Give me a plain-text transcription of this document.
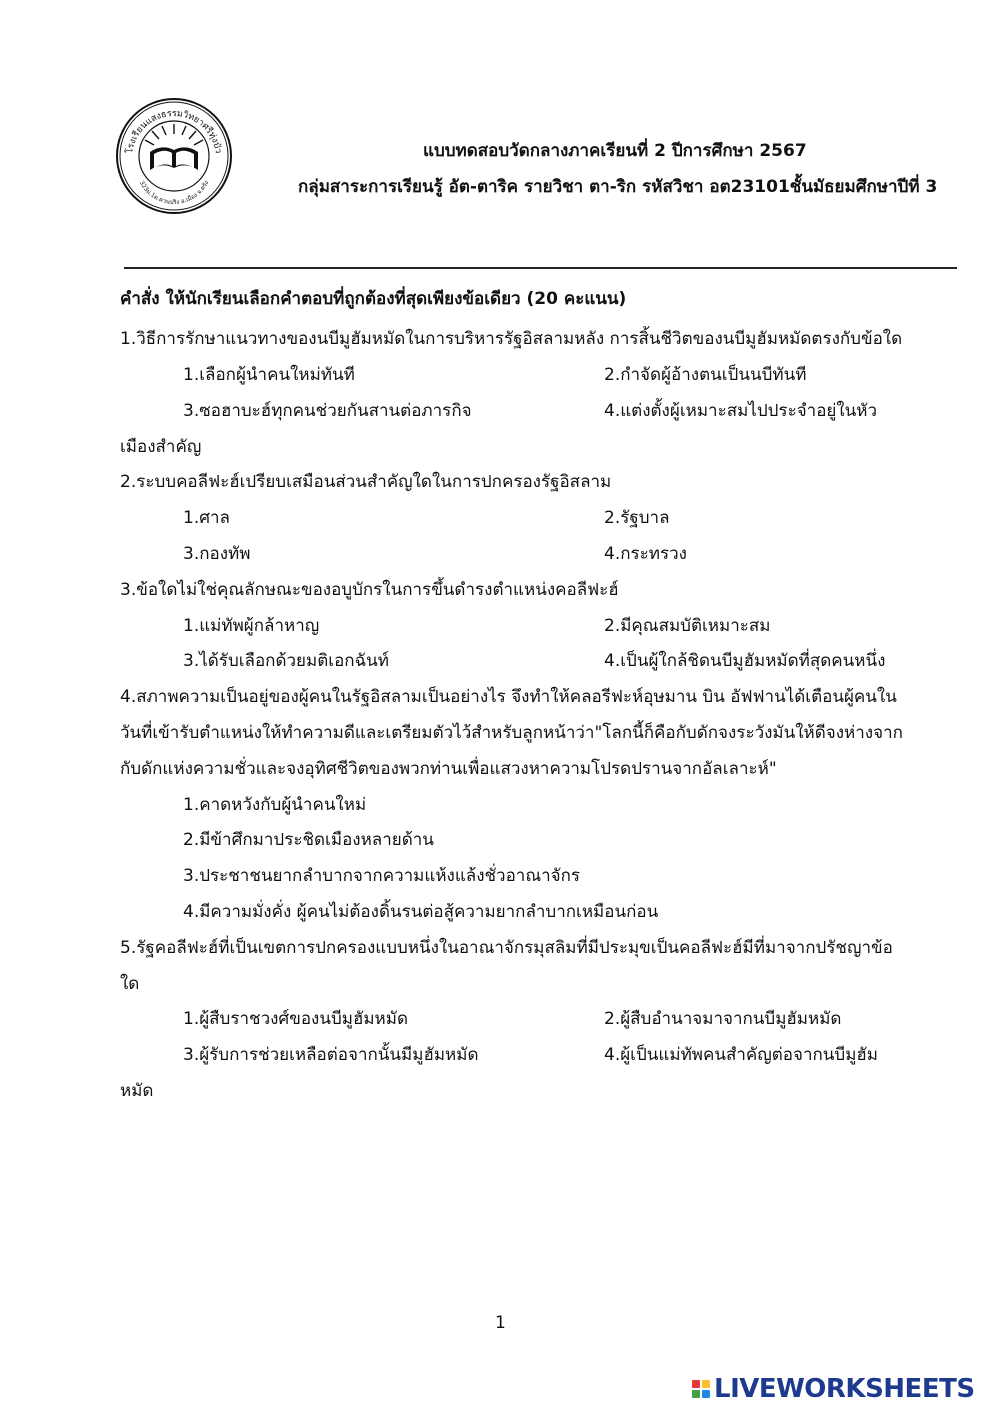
โรงเรียนแสงธรรมวิทยาศรีทุ่งบัว
323ม.1ต.ควนปริง อ.เมือง จ.ตรัง
แบบทดสอบวัดกลางภาคเรียนที่ 2 ปีการศึกษา 2567
กลุ่มสาระการเรียนรู้ อัต-ตาริค รายวิชา ตา-ริก รหัสวิชา อต23101ชั้นมัธยมศึกษาปีที่ 3
คำสั่ง ให้นักเรียนเลือกคำตอบที่ถูกต้องที่สุดเพียงข้อเดียว (20 คะแนน)
1.วิธีการรักษาแนวทางของนบีมูฮัมหมัดในการบริหารรัฐอิสลามหลัง การสิ้นชีวิตของนบีมูฮัมหมัดตรงกับข้อใด
1.เลือกผู้นำคนใหม่ทันที	2.กำจัดผู้อ้างตนเป็นนบีทันที
3.ซอฮาบะฮ์ทุกคนช่วยกันสานต่อภารกิจ	4.แต่งตั้งผู้เหมาะสมไปประจำอยู่ในหัว
เมืองสำคัญ
2.ระบบคอลีฟะฮ์เปรียบเสมือนส่วนสำคัญใดในการปกครองรัฐอิสลาม
1.ศาล	2.รัฐบาล
3.กองทัพ	4.กระทรวง
3.ข้อใดไม่ใช่คุณลักษณะของอบูบักรในการขึ้นดำรงตำแหน่งคอลีฟะฮ์
1.แม่ทัพผู้กล้าหาญ	2.มีคุณสมบัติเหมาะสม
3.ได้รับเลือกด้วยมติเอกฉันท์	4.เป็นผู้ใกล้ชิดนบีมูฮัมหมัดที่สุดคนหนึ่ง
4.สภาพความเป็นอยู่ของผู้คนในรัฐอิสลามเป็นอย่างไร จึงทำให้คลอรีฟะห์อุษมาน บิน อัฟฟานได้เตือนผู้คนใน
วันที่เข้ารับตำแหน่งให้ทำความดีและเตรียมตัวไว้สำหรับลูกหน้าว่า"โลกนี้ก็คือกับดักจงระวังมันให้ดีจงห่างจาก
กับดักแห่งความชั่วและจงอุทิศชีวิตของพวกท่านเพื่อแสวงหาความโปรดปรานจากอัลเลาะห์"
1.คาดหวังกับผู้นำคนใหม่
2.มีข้าศึกมาประชิดเมืองหลายด้าน
3.ประชาชนยากลำบากจากความแห้งแล้งชั่วอาณาจักร
4.มีความมั่งคั่ง ผู้คนไม่ต้องดิ้นรนต่อสู้ความยากลำบากเหมือนก่อน
5.รัฐคอลีฟะฮ์ที่เป็นเขตการปกครองแบบหนึ่งในอาณาจักรมุสลิมที่มีประมุขเป็นคอลีฟะฮ์มีที่มาจากปรัชญาข้อ
ใด
1.ผู้สืบราชวงศ์ของนบีมูฮัมหมัด	2.ผู้สืบอำนาจมาจากนบีมูฮัมหมัด
3.ผู้รับการช่วยเหลือต่อจากนั้นมีมูฮัมหมัด	4.ผู้เป็นแม่ทัพคนสำคัญต่อจากนบีมูฮัม
หมัด
1
LIVEWORKSHEETS
